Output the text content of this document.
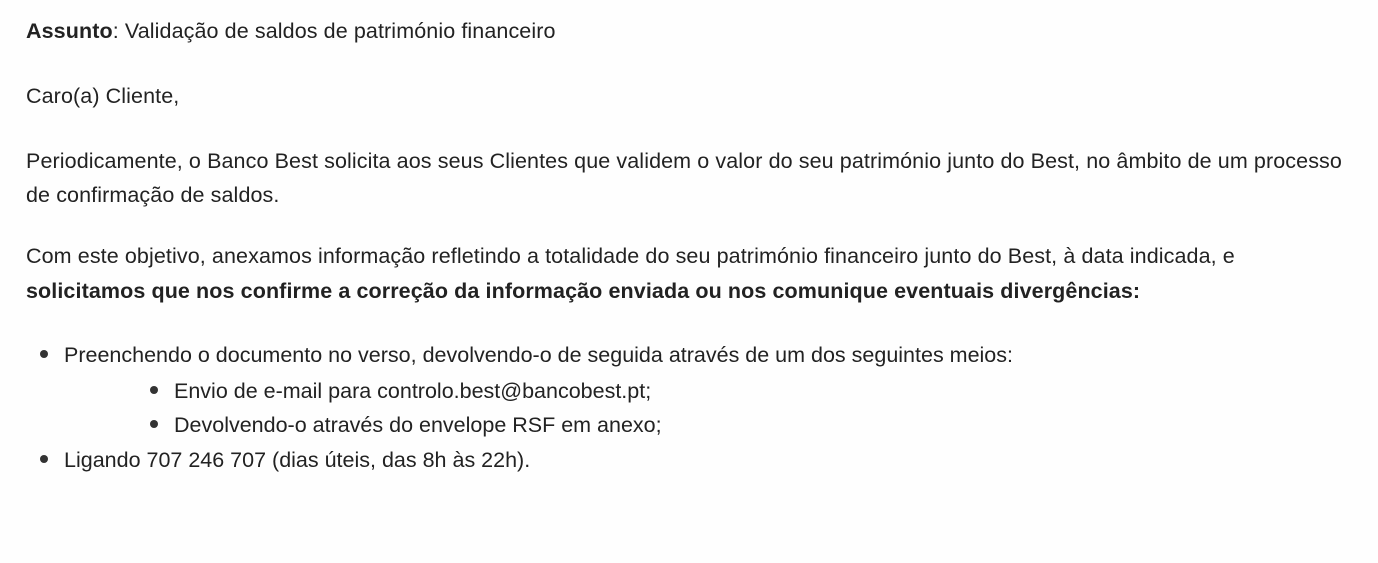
Assunto: Validação de saldos de património financeiro

Caro(a) Cliente,

Periodicamente, o Banco Best solicita aos seus Clientes que validem o valor do seu património junto do Best, no âmbito de um processo de confirmação de saldos.

Com este objetivo, anexamos informação refletindo a totalidade do seu património financeiro junto do Best, à data indicada, e solicitamos que nos confirme a correção da informação enviada ou nos comunique eventuais divergências:

Preenchendo o documento no verso, devolvendo-o de seguida através de um dos seguintes meios:
Envio de e-mail para controlo.best@bancobest.pt;
Devolvendo-o através do envelope RSF em anexo;
Ligando 707 246 707 (dias úteis, das 8h às 22h).
